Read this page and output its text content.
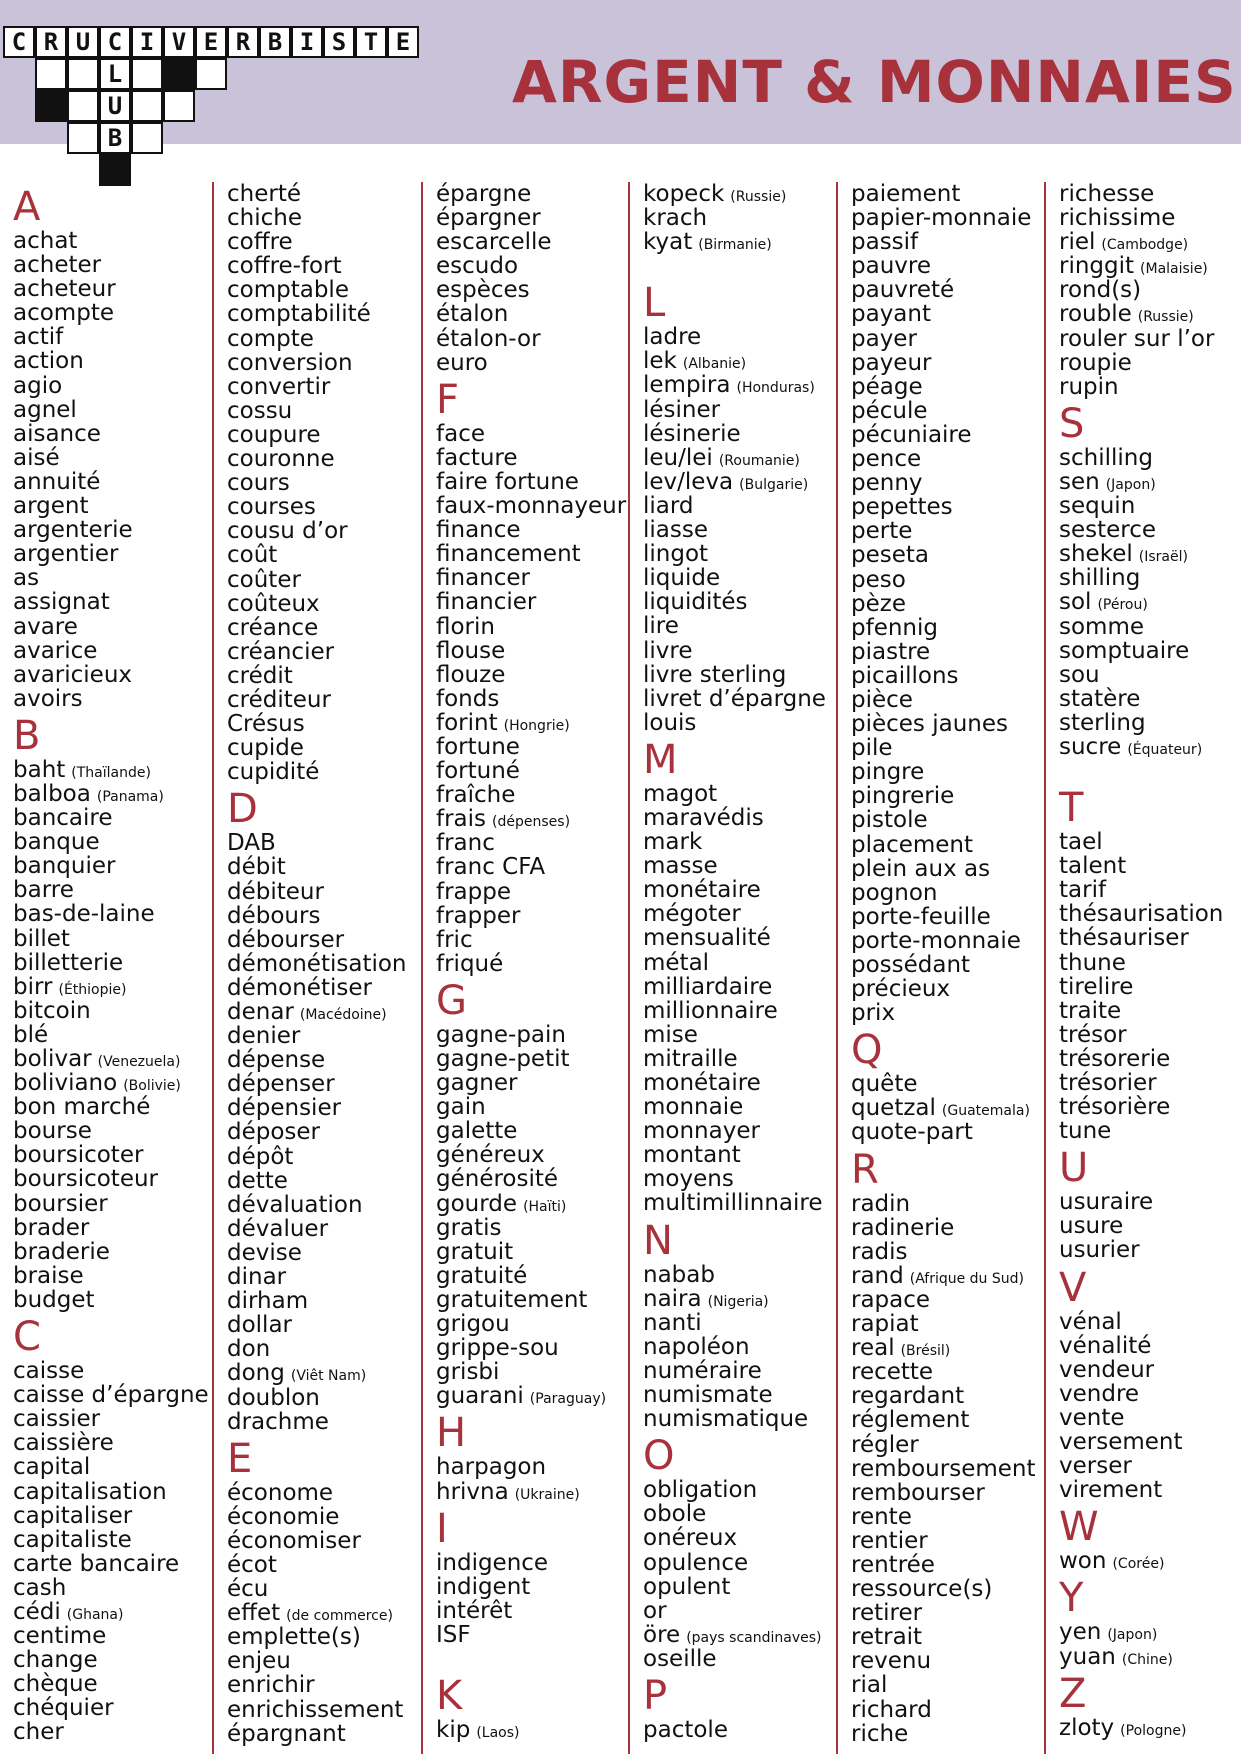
C R U C I V E R B I S T E
L
U
B
ARGENT & MONNAIES
A
achat
acheter
acheteur
acompte
actif
action
agio
agnel
aisance
aisé
annuité
argent
argenterie
argentier
as
assignat
avare
avarice
avaricieux
avoirs
B
baht (Thaïlande)
balboa (Panama)
bancaire
banque
banquier
barre
bas-de-laine
billet
billetterie
birr (Éthiopie)
bitcoin
blé
bolivar (Venezuela)
boliviano (Bolivie)
bon marché
bourse
boursicoter
boursicoteur
boursier
brader
braderie
braise
budget
C
caisse
caisse d’épargne
caissier
caissière
capital
capitalisation
capitaliser
capitaliste
carte bancaire
cash
cédi (Ghana)
centime
change
chèque
chéquier
cher
cherté
chiche
coffre
coffre-fort
comptable
comptabilité
compte
conversion
convertir
cossu
coupure
couronne
cours
courses
cousu d’or
coût
coûter
coûteux
créance
créancier
crédit
créditeur
Crésus
cupide
cupidité
D
DAB
débit
débiteur
débours
débourser
démonétisation
démonétiser
denar (Macédoine)
denier
dépense
dépenser
dépensier
déposer
dépôt
dette
dévaluation
dévaluer
devise
dinar
dirham
dollar
don
dong (Viêt Nam)
doublon
drachme
E
économe
économie
économiser
écot
écu
effet (de commerce)
emplette(s)
enjeu
enrichir
enrichissement
épargnant
épargne
épargner
escarcelle
escudo
espèces
étalon
étalon-or
euro
F
face
facture
faire fortune
faux-monnayeur
finance
financement
financer
financier
florin
flouse
flouze
fonds
forint (Hongrie)
fortune
fortuné
fraîche
frais (dépenses)
franc
franc CFA
frappe
frapper
fric
friqué
G
gagne-pain
gagne-petit
gagner
gain
galette
généreux
générosité
gourde (Haïti)
gratis
gratuit
gratuité
gratuitement
grigou
grippe-sou
grisbi
guarani (Paraguay)
H
harpagon
hrivna (Ukraine)
I
indigence
indigent
intérêt
ISF
K
kip (Laos)
kopeck (Russie)
krach
kyat (Birmanie)
L
ladre
lek (Albanie)
lempira (Honduras)
lésiner
lésinerie
leu/lei (Roumanie)
lev/leva (Bulgarie)
liard
liasse
lingot
liquide
liquidités
lire
livre
livre sterling
livret d’épargne
louis
M
magot
maravédis
mark
masse
monétaire
mégoter
mensualité
métal
milliardaire
millionnaire
mise
mitraille
monétaire
monnaie
monnayer
montant
moyens
multimillinnaire
N
nabab
naira (Nigeria)
nanti
napoléon
numéraire
numismate
numismatique
O
obligation
obole
onéreux
opulence
opulent
or
öre (pays scandinaves)
oseille
P
pactole
paiement
papier-monnaie
passif
pauvre
pauvreté
payant
payer
payeur
péage
pécule
pécuniaire
pence
penny
pepettes
perte
peseta
peso
pèze
pfennig
piastre
picaillons
pièce
pièces jaunes
pile
pingre
pingrerie
pistole
placement
plein aux as
pognon
porte-feuille
porte-monnaie
possédant
précieux
prix
Q
quête
quetzal (Guatemala)
quote-part
R
radin
radinerie
radis
rand (Afrique du Sud)
rapace
rapiat
real (Brésil)
recette
regardant
réglement
régler
remboursement
rembourser
rente
rentier
rentrée
ressource(s)
retirer
retrait
revenu
rial
richard
riche
richesse
richissime
riel (Cambodge)
ringgit (Malaisie)
rond(s)
rouble (Russie)
rouler sur l’or
roupie
rupin
S
schilling
sen (Japon)
sequin
sesterce
shekel (Israël)
shilling
sol (Pérou)
somme
somptuaire
sou
statère
sterling
sucre (Équateur)
T
tael
talent
tarif
thésaurisation
thésauriser
thune
tirelire
traite
trésor
trésorerie
trésorier
trésorière
tune
U
usuraire
usure
usurier
V
vénal
vénalité
vendeur
vendre
vente
versement
verser
virement
W
won (Corée)
Y
yen (Japon)
yuan (Chine)
Z
zloty (Pologne)
